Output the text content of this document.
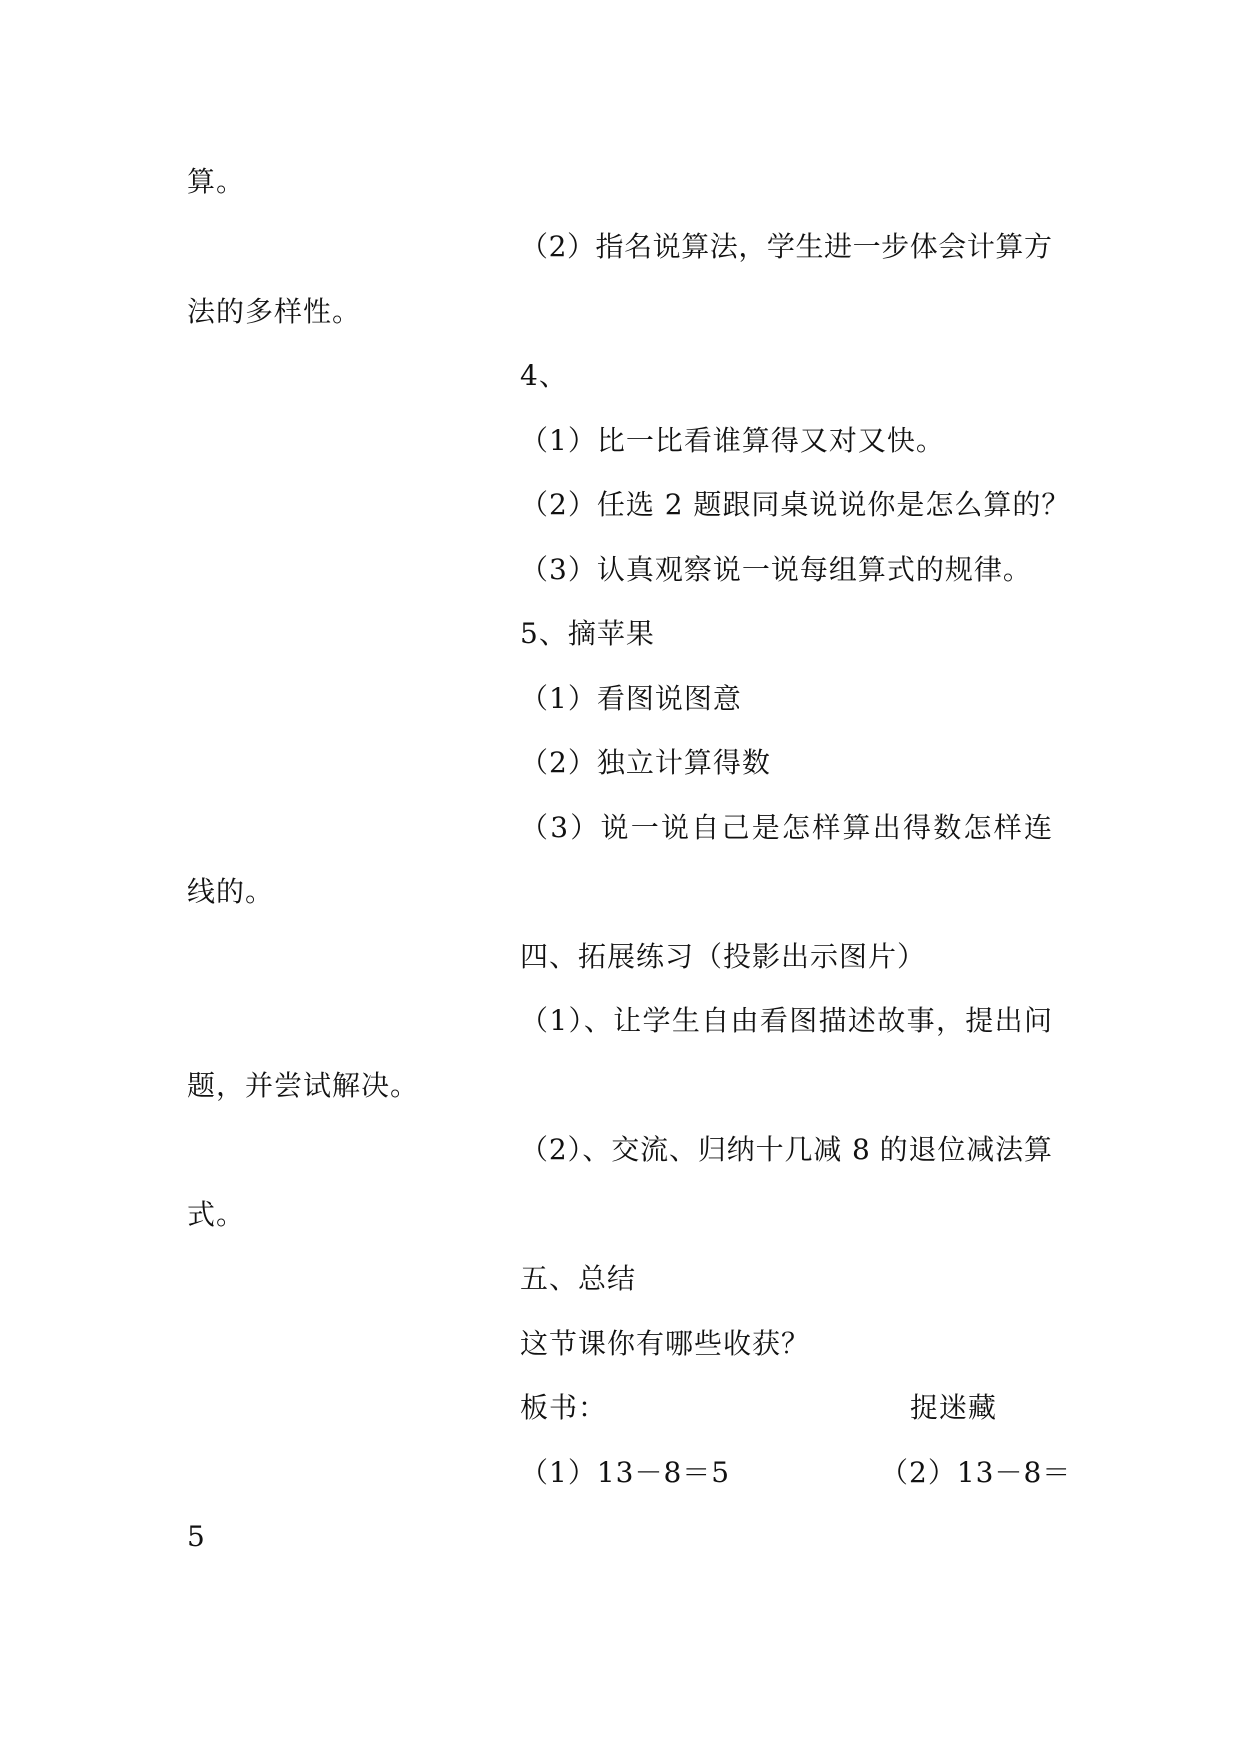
算。
（2）指名说算法，学生进一步体会计算方
法的多样性。
4、
（1）比一比看谁算得又对又快。
（2）任选 2 题跟同桌说说你是怎么算的？
（3）认真观察说一说每组算式的规律。
5、摘苹果
（1）看图说图意
（2）独立计算得数
（3）说一说自己是怎样算出得数怎样连
线的。
四、拓展练习（投影出示图片）
（1）、让学生自由看图描述故事，提出问
题，并尝试解决。
（2）、交流、归纳十几减 8 的退位减法算
式。
五、总结
这节课你有哪些收获？
板书：	捉迷藏
（1）13－8＝5	（2）13－8＝
5
